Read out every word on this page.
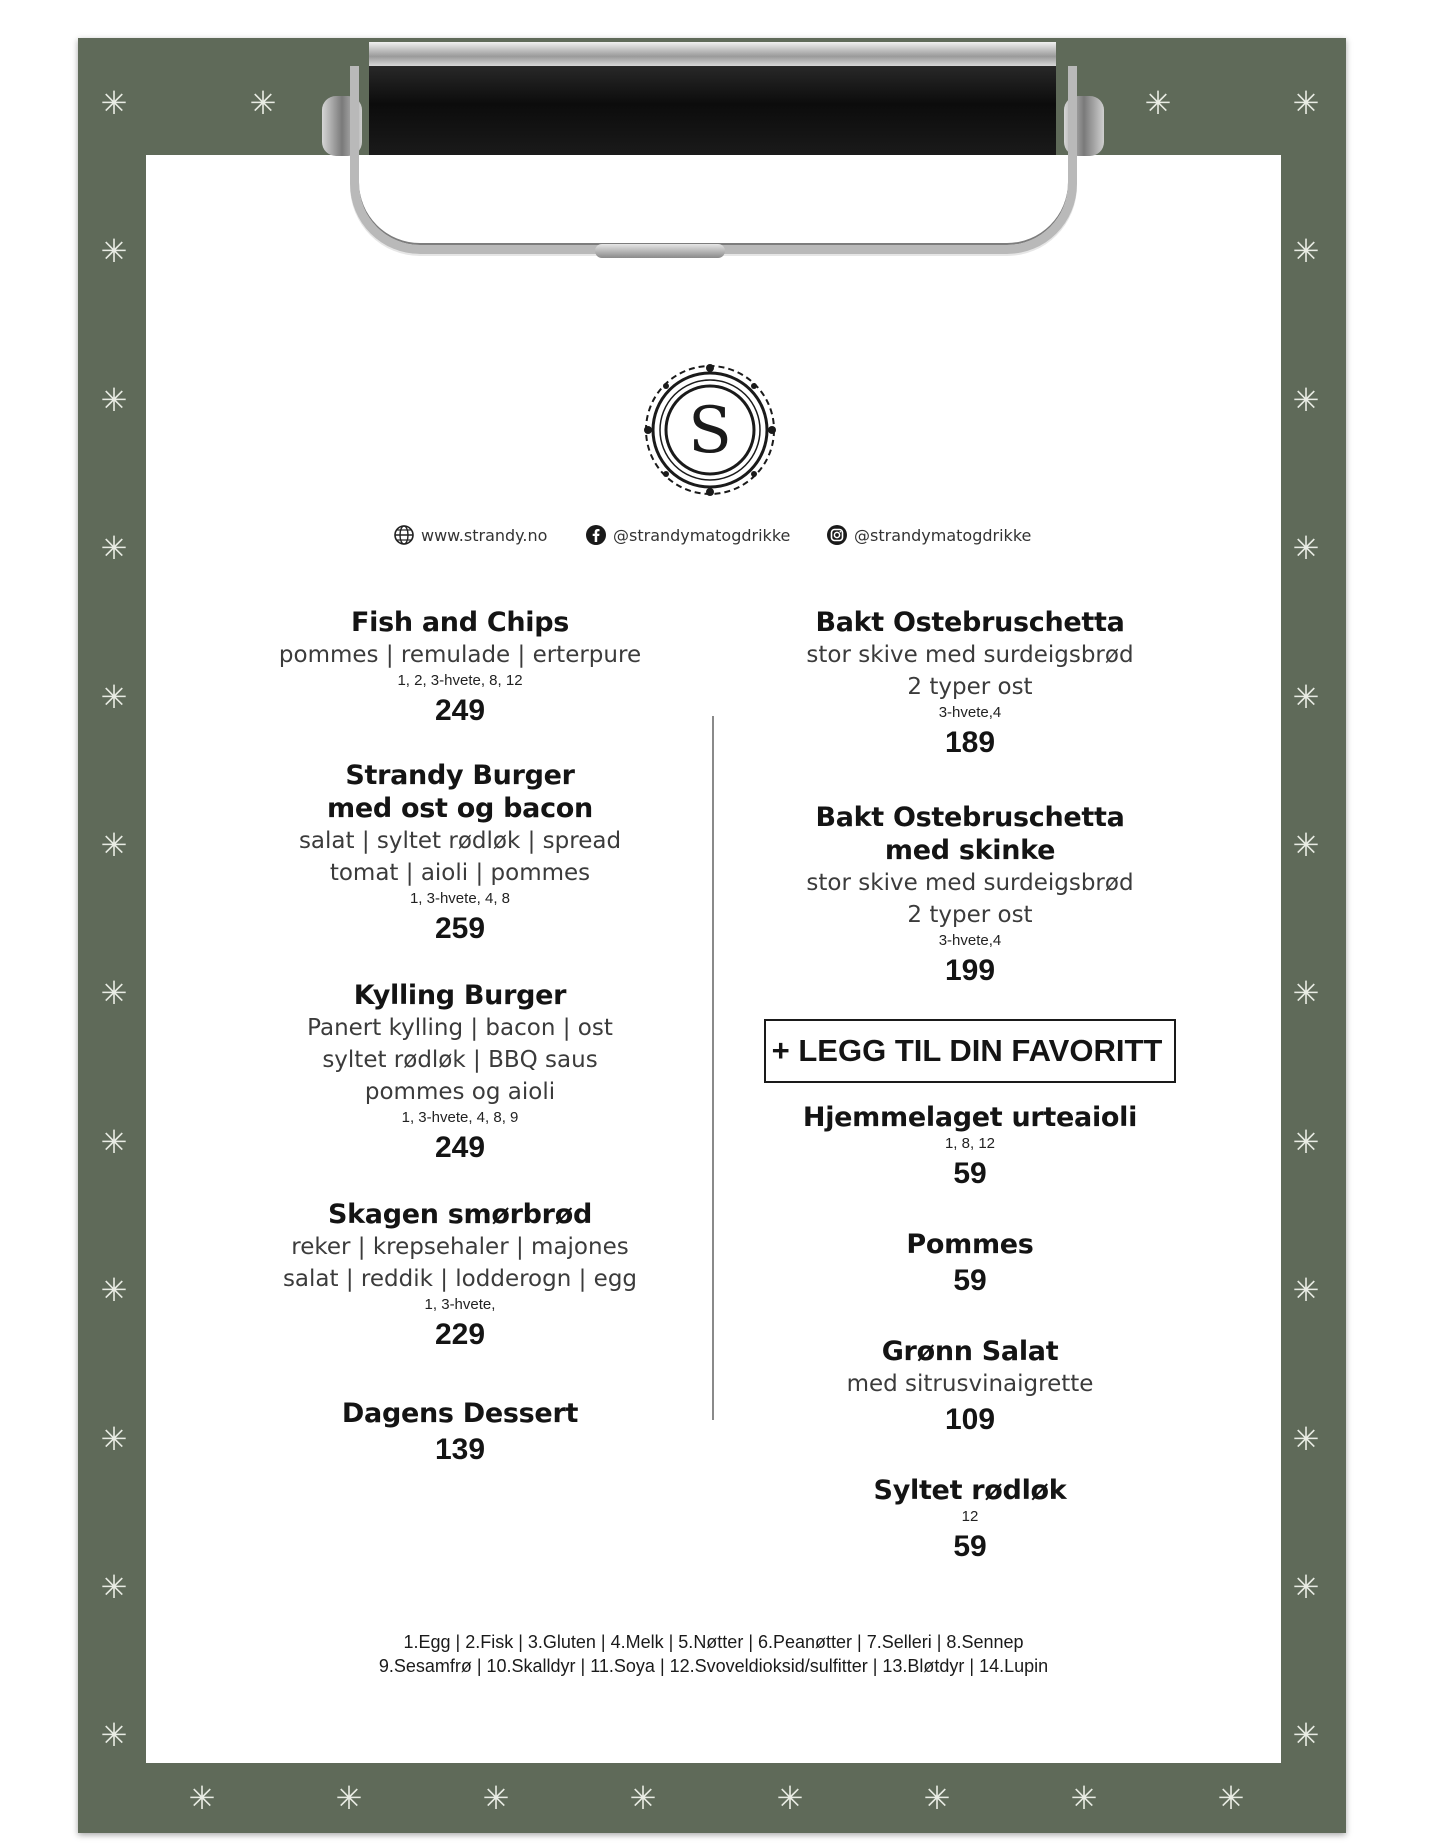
✳
✳
✳
✳
✳
✳
✳
✳
✳
✳
✳
✳
✳
✳
✳
✳
✳
✳
✳
✳
✳
✳
✳
✳
✳	✳
✳	✳	✳	✳	✳	✳	✳	✳
S
www.strandy.no	@strandymatogdrikke	@strandymatogdrikke
Fish and Chips
pommes | remulade | erterpure
1, 2, 3-hvete, 8, 12
249
Strandy Burger
med ost og bacon
salat | syltet rødløk | spread
tomat | aioli | pommes
1, 3-hvete, 4, 8
259
Kylling Burger
Panert kylling | bacon | ost
syltet rødløk | BBQ saus
pommes og aioli
1, 3-hvete, 4, 8, 9
249
Skagen smørbrød
reker | krepsehaler | majones
salat | reddik | lodderogn | egg
1, 3-hvete,
229
Dagens Dessert
139
Bakt Ostebruschetta
stor skive med surdeigsbrød
2 typer ost
3-hvete,4
189
Bakt Ostebruschetta
med skinke
stor skive med surdeigsbrød
2 typer ost
3-hvete,4
199
+ LEGG TIL DIN FAVORITT
Hjemmelaget urteaioli
1, 8, 12
59
Pommes
59
Grønn Salat
med sitrusvinaigrette
109
Syltet rødløk
12
59
1.Egg | 2.Fisk | 3.Gluten | 4.Melk | 5.Nøtter | 6.Peanøtter | 7.Selleri | 8.Sennep
9.Sesamfrø | 10.Skalldyr | 11.Soya | 12.Svoveldioksid/sulfitter | 13.Bløtdyr | 14.Lupin
